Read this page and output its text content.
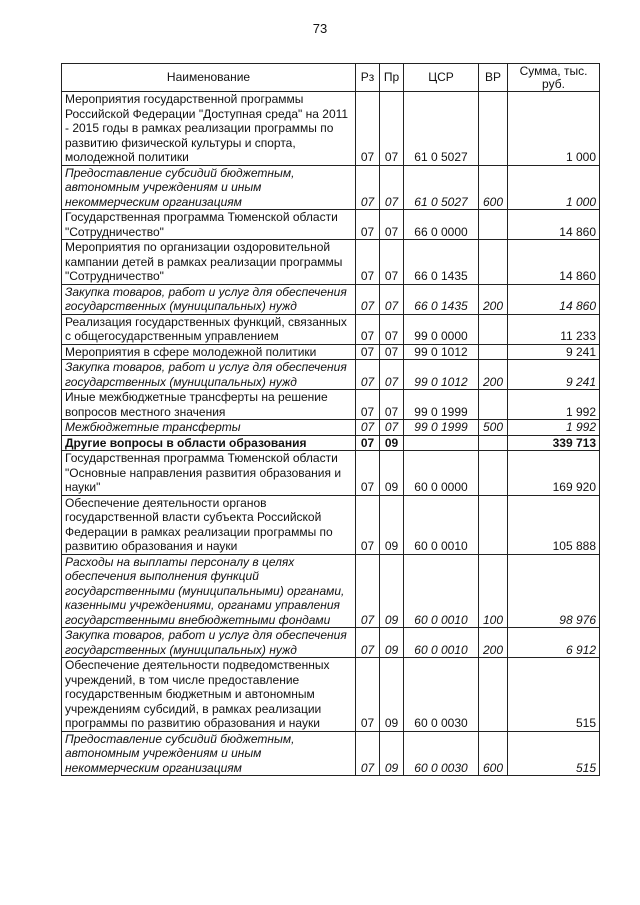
73
Наименование	Рз	Пр	ЦСР	ВР	Сумма, тыс. руб.
Мероприятия государственной программы Российской Федерации "Доступная среда" на 2011 - 2015 годы в рамках реализации программы по развитию физической культуры и спорта, молодежной политики	07	07	61 0 5027		1 000
Предоставление субсидий бюджетным, автономным учреждениям и иным некоммерческим организациям	07	07	61 0 5027	600	1 000
Государственная программа Тюменской области "Сотрудничество"	07	07	66 0 0000		14 860
Мероприятия по организации оздоровительной кампании детей в рамках реализации программы "Сотрудничество"	07	07	66 0 1435		14 860
Закупка товаров, работ и услуг для обеспечения государственных (муниципальных) нужд	07	07	66 0 1435	200	14 860
Реализация государственных функций, связанных с общегосударственным управлением	07	07	99 0 0000		11 233
Мероприятия в сфере молодежной политики	07	07	99 0 1012		9 241
Закупка товаров, работ и услуг для обеспечения государственных (муниципальных) нужд	07	07	99 0 1012	200	9 241
Иные межбюджетные трансферты на решение вопросов местного значения	07	07	99 0 1999		1 992
Межбюджетные трансферты	07	07	99 0 1999	500	1 992
Другие вопросы в области образования	07	09			339 713
Государственная программа Тюменской области "Основные направления развития образования и науки"	07	09	60 0 0000		169 920
Обеспечение деятельности органов государственной власти субъекта Российской Федерации в рамках реализации программы по развитию образования и науки	07	09	60 0 0010		105 888
Расходы на выплаты персоналу в целях обеспечения выполнения функций государственными (муниципальными) органами, казенными учреждениями, органами управления государственными внебюджетными фондами	07	09	60 0 0010	100	98 976
Закупка товаров, работ и услуг для обеспечения государственных (муниципальных) нужд	07	09	60 0 0010	200	6 912
Обеспечение деятельности подведомственных учреждений, в том числе предоставление государственным бюджетным и автономным учреждениям субсидий, в рамках реализации программы по развитию образования и науки	07	09	60 0 0030		515
Предоставление субсидий бюджетным, автономным учреждениям и иным некоммерческим организациям	07	09	60 0 0030	600	515
